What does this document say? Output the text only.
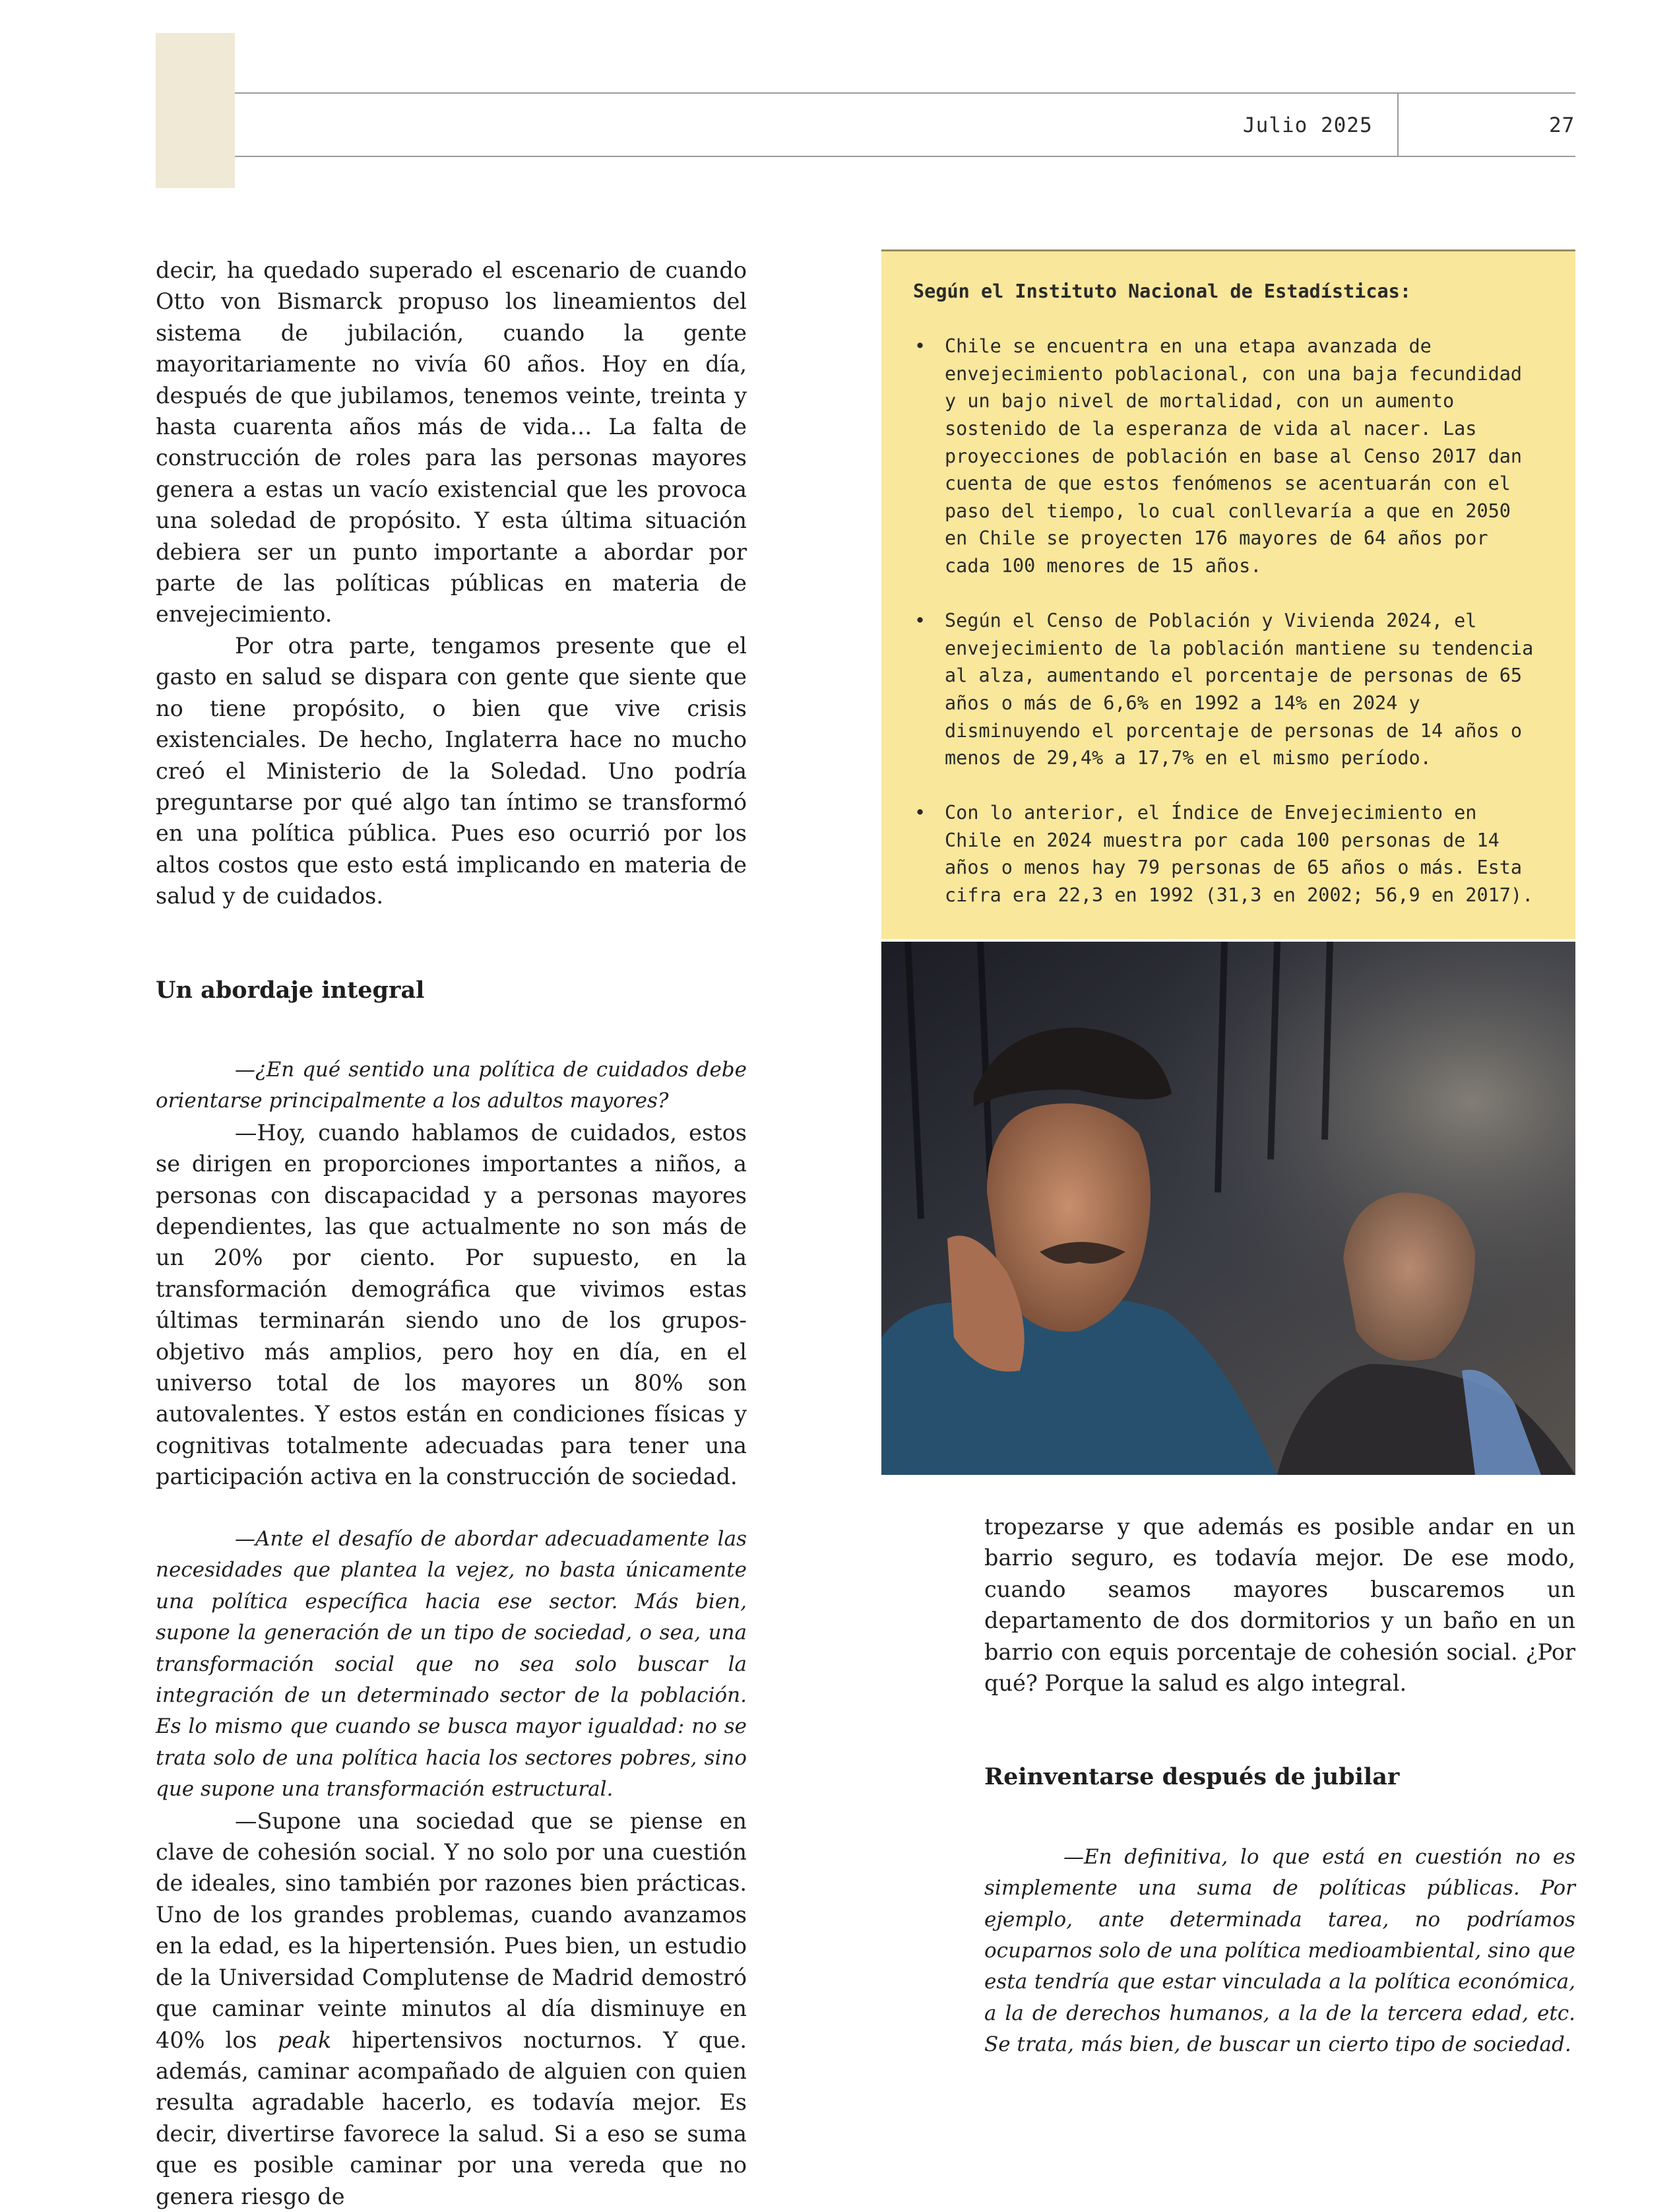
Julio 2025	27

decir, ha quedado superado el escenario de cuando Otto von Bismarck propuso los lineamientos del sistema de jubilación, cuando la gente mayoritariamente no vivía 60 años. Hoy en día, después de que jubilamos, tenemos veinte, treinta y hasta cuarenta años más de vida… La falta de construcción de roles para las personas mayores genera a estas un vacío existencial que les provoca una soledad de propósito. Y esta última situación debiera ser un punto importante a abordar por parte de las políticas públicas en materia de envejecimiento.

Por otra parte, tengamos presente que el gasto en salud se dispara con gente que siente que no tiene propósito, o bien que vive crisis existenciales. De hecho, Inglaterra hace no mucho creó el Ministerio de la Soledad. Uno podría preguntarse por qué algo tan íntimo se transformó en una política pública. Pues eso ocurrió por los altos costos que esto está implicando en materia de salud y de cuidados.

Un abordaje integral

—¿En qué sentido una política de cuidados debe orientarse principalmente a los adultos mayores?

—Hoy, cuando hablamos de cuidados, estos se dirigen en proporciones importantes a niños, a personas con discapacidad y a personas mayores dependientes, las que actualmente no son más de un 20% por ciento. Por supuesto, en la transformación demográfica que vivimos estas últimas terminarán siendo uno de los grupos-objetivo más amplios, pero hoy en día, en el universo total de los mayores un 80% son autovalentes. Y estos están en condiciones físicas y cognitivas totalmente adecuadas para tener una participación activa en la construcción de sociedad.

—Ante el desafío de abordar adecuadamente las necesidades que plantea la vejez, no basta únicamente una política específica hacia ese sector. Más bien, supone la generación de un tipo de sociedad, o sea, una transformación social que no sea solo buscar la integración de un determinado sector de la población. Es lo mismo que cuando se busca mayor igualdad: no se trata solo de una política hacia los sectores pobres, sino que supone una transformación estructural.

—Supone una sociedad que se piense en clave de cohesión social. Y no solo por una cuestión de ideales, sino también por razones bien prácticas. Uno de los grandes problemas, cuando avanzamos en la edad, es la hipertensión. Pues bien, un estudio de la Universidad Complutense de Madrid demostró que caminar veinte minutos al día disminuye en 40% los peak hipertensivos nocturnos. Y que. además, caminar acompañado de alguien con quien resulta agradable hacerlo, es todavía mejor. Es decir, divertirse favorece la salud. Si a eso se suma que es posible caminar por una vereda que no genera riesgo de

Según el Instituto Nacional de Estadísticas:
• Chile se encuentra en una etapa avanzada de envejecimiento poblacional, con una baja fecundidad y un bajo nivel de mortalidad, con un aumento sostenido de la esperanza de vida al nacer. Las proyecciones de población en base al Censo 2017 dan cuenta de que estos fenómenos se acentuarán con el paso del tiempo, lo cual conllevaría a que en 2050 en Chile se proyecten 176 mayores de 64 años por cada 100 menores de 15 años.
• Según el Censo de Población y Vivienda 2024, el envejecimiento de la población mantiene su tendencia al alza, aumentando el porcentaje de personas de 65 años o más de 6,6% en 1992 a 14% en 2024 y disminuyendo el porcentaje de personas de 14 años o menos de 29,4% a 17,7% en el mismo período.
• Con lo anterior, el Índice de Envejecimiento en Chile en 2024 muestra por cada 100 personas de 14 años o menos hay 79 personas de 65 años o más. Esta cifra era 22,3 en 1992 (31,3 en 2002; 56,9 en 2017).

tropezarse y que además es posible andar en un barrio seguro, es todavía mejor. De ese modo, cuando seamos mayores buscaremos un departamento de dos dormitorios y un baño en un barrio con equis porcentaje de cohesión social. ¿Por qué? Porque la salud es algo integral.

Reinventarse después de jubilar

—En definitiva, lo que está en cuestión no es simplemente una suma de políticas públicas. Por ejemplo, ante determinada tarea, no podríamos ocuparnos solo de una política medioambiental, sino que esta tendría que estar vinculada a la política económica, a la de derechos humanos, a la de la tercera edad, etc. Se trata, más bien, de buscar un cierto tipo de sociedad.
